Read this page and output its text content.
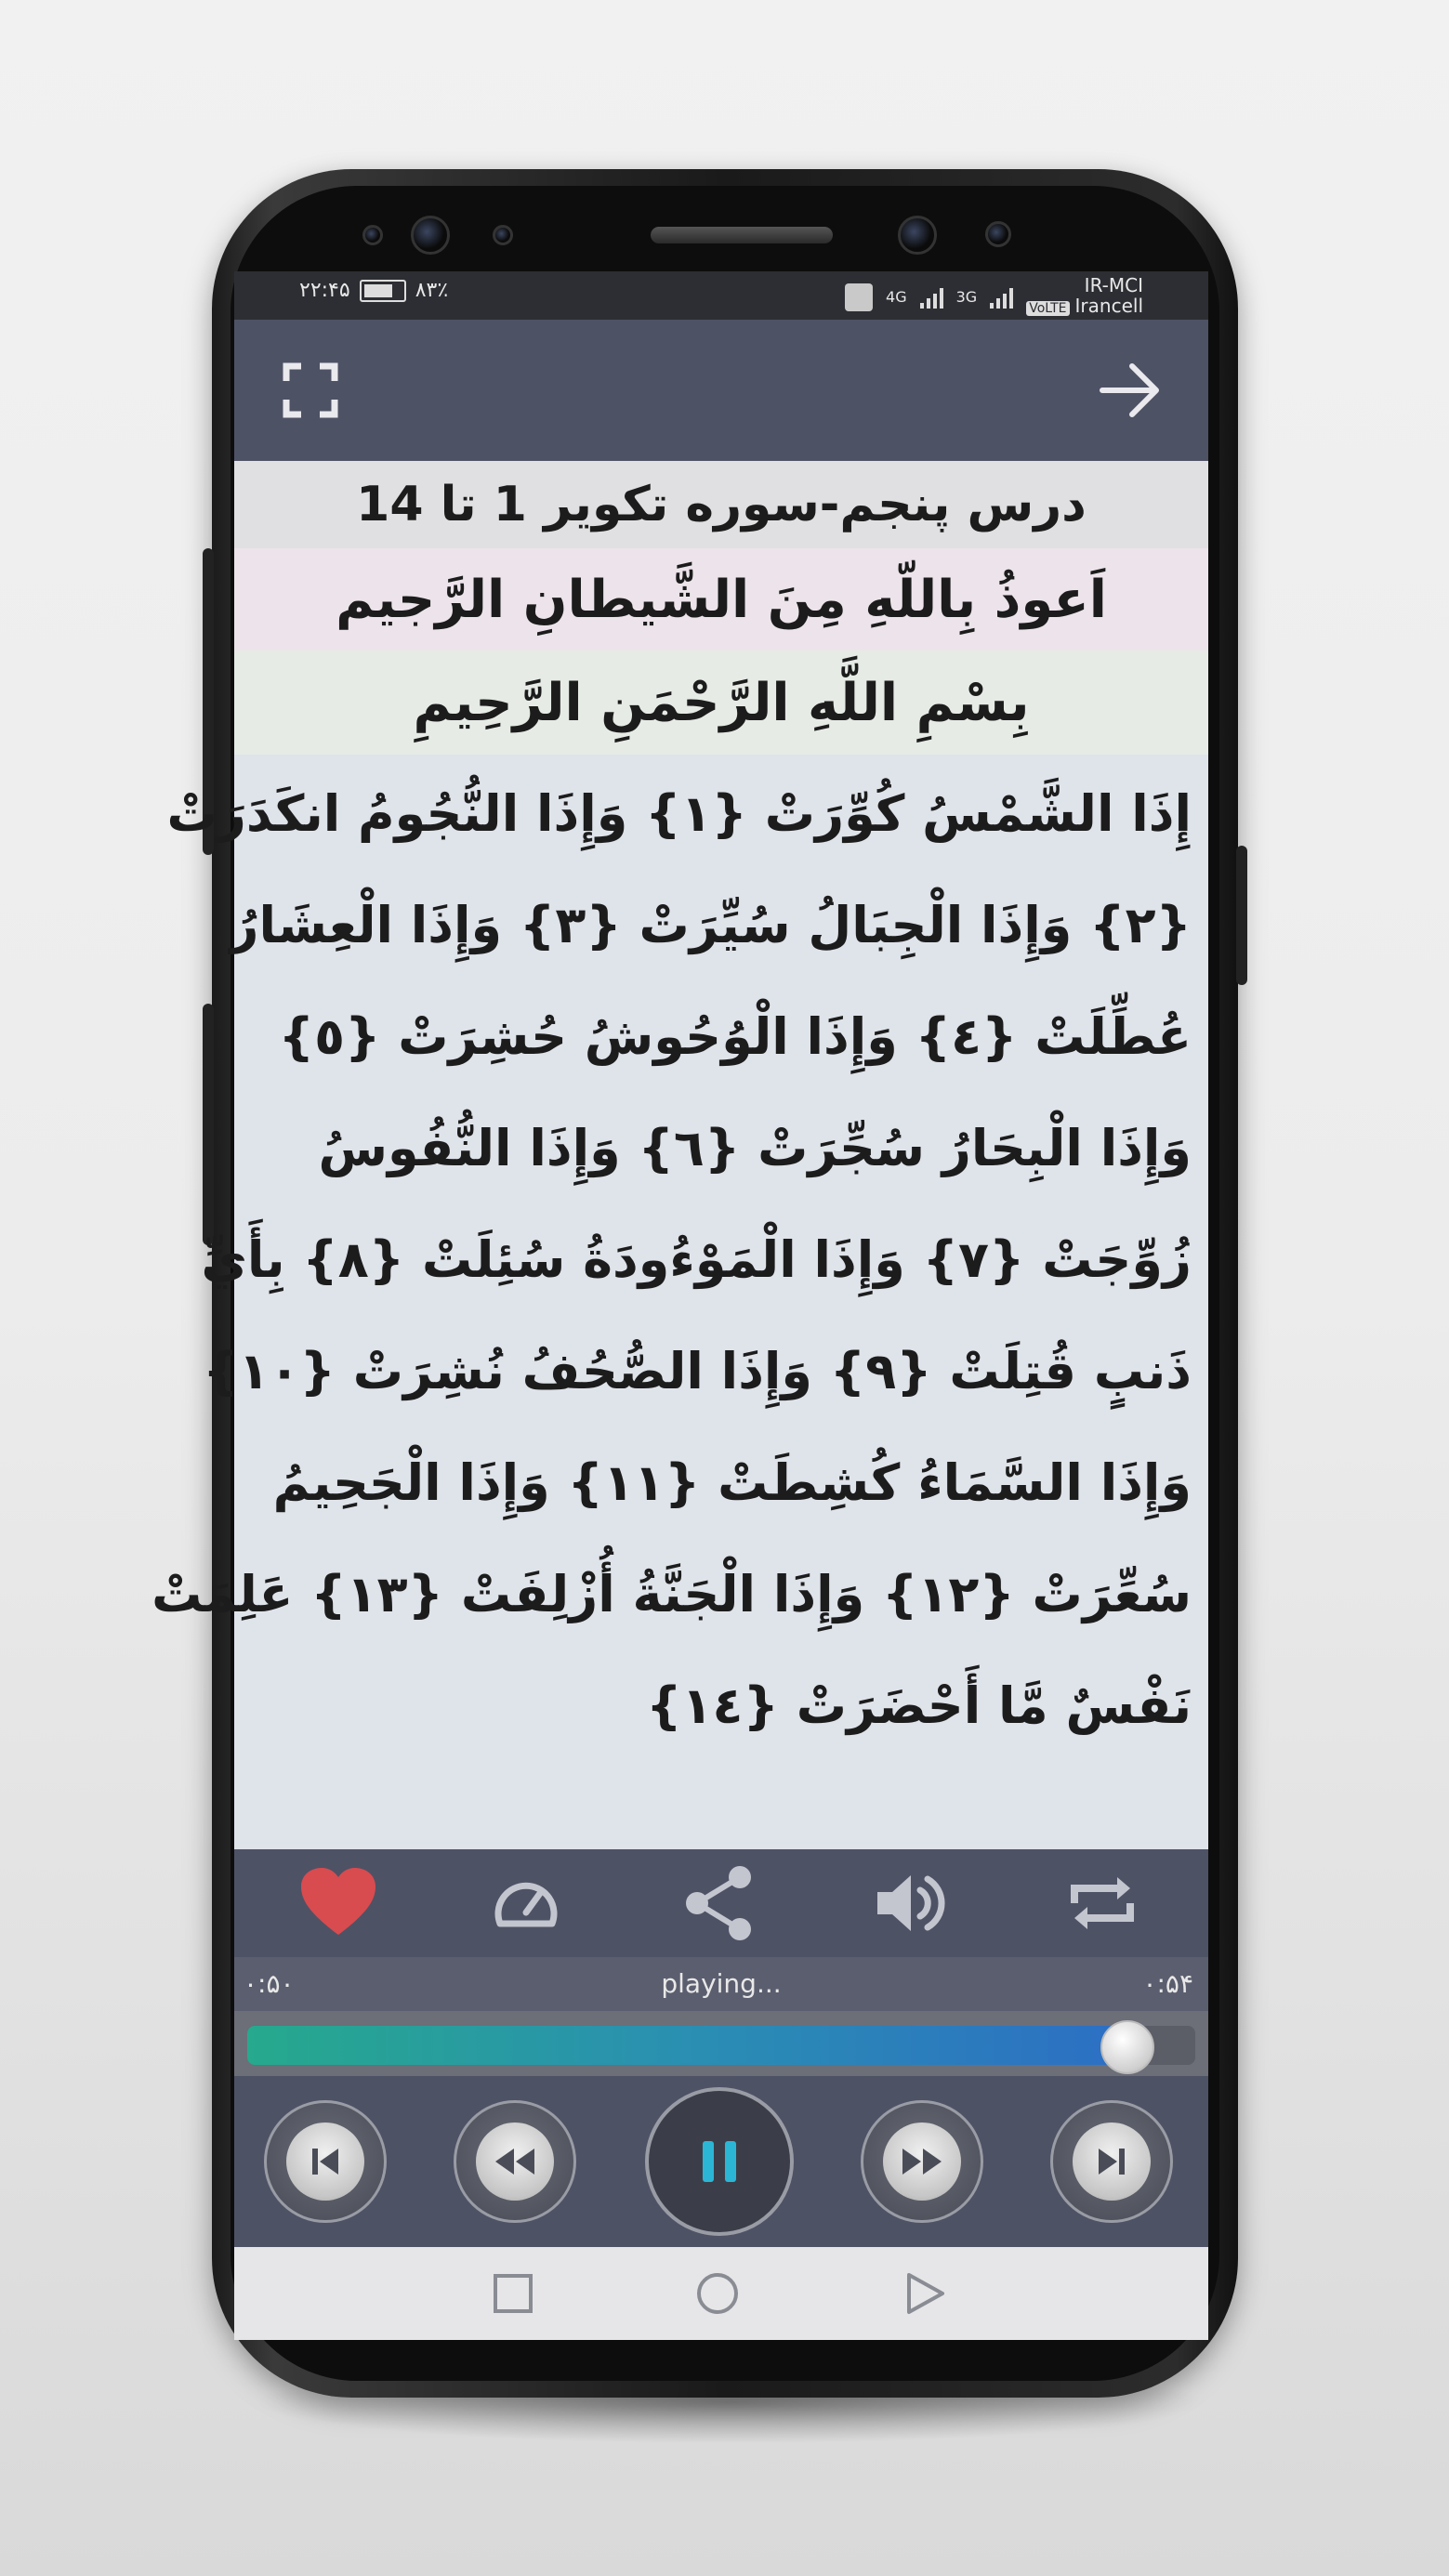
۲۲:۴۵	۸۳٪	4G	3G
IR-MCI
VoLTE Irancell
درس پنجم-سوره تکویر 1 تا 14
اَعوذُ بِاللّهِ مِنَ الشَّیطانِ الرَّجیم
بِسْمِ اللَّهِ الرَّحْمَنِ الرَّحِيمِ
إِذَا الشَّمْسُ كُوِّرَتْ {١} وَإِذَا النُّجُومُ انكَدَرَتْ
{٢} وَإِذَا الْجِبَالُ سُيِّرَتْ {٣} وَإِذَا الْعِشَارُ
عُطِّلَتْ {٤} وَإِذَا الْوُحُوشُ حُشِرَتْ {٥}
وَإِذَا الْبِحَارُ سُجِّرَتْ {٦} وَإِذَا النُّفُوسُ
زُوِّجَتْ {٧} وَإِذَا الْمَوْءُودَةُ سُئِلَتْ {٨} بِأَيِّ
ذَنبٍ قُتِلَتْ {٩} وَإِذَا الصُّحُفُ نُشِرَتْ {١٠}
وَإِذَا السَّمَاءُ كُشِطَتْ {١١} وَإِذَا الْجَحِيمُ
سُعِّرَتْ {١٢} وَإِذَا الْجَنَّةُ أُزْلِفَتْ {١٣} عَلِمَتْ
نَفْسٌ مَّا أَحْضَرَتْ {١٤}
۰:۵۰	playing...	۰:۵۴
